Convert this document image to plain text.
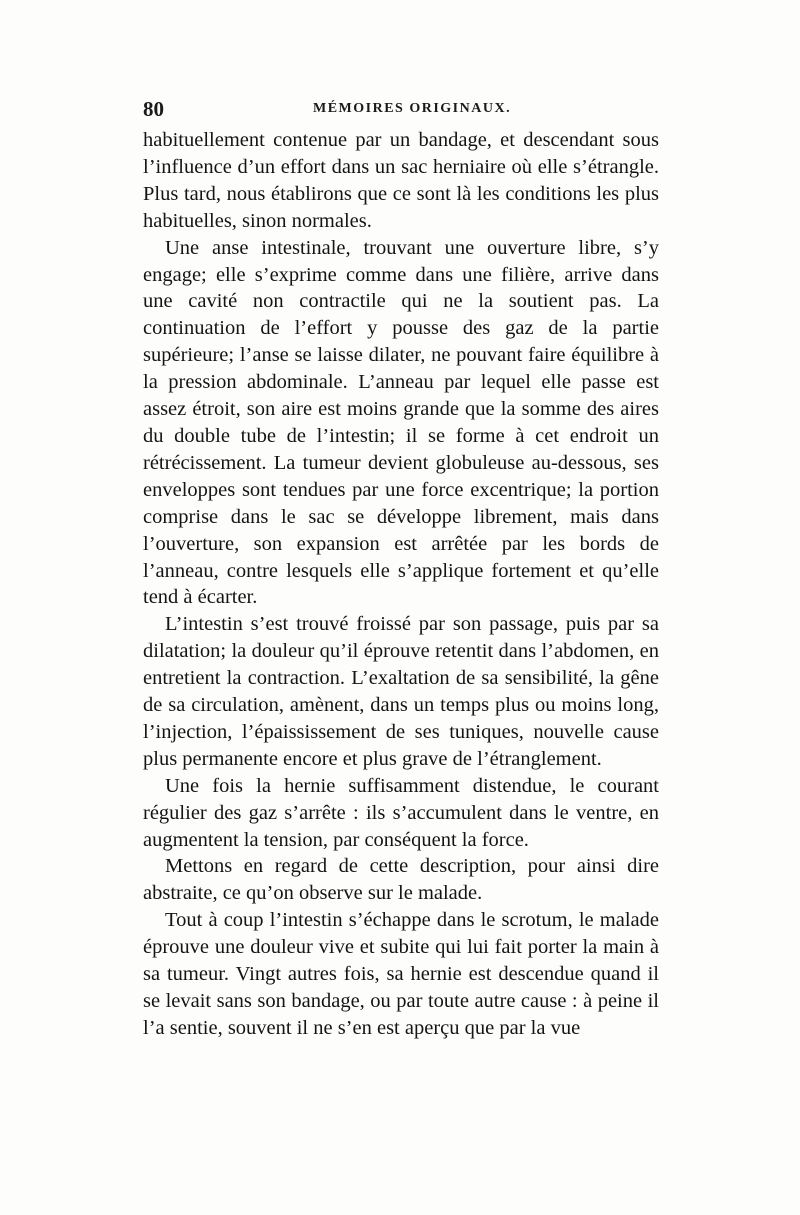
80	MÉMOIRES ORIGINAUX.

habituellement contenue par un bandage, et descendant sous l’influence d’un effort dans un sac herniaire où elle s’étrangle. Plus tard, nous établirons que ce sont là les conditions les plus habituelles, sinon normales.

Une anse intestinale, trouvant une ouverture libre, s’y engage; elle s’exprime comme dans une filière, arrive dans une cavité non contractile qui ne la soutient pas. La continuation de l’effort y pousse des gaz de la partie supérieure; l’anse se laisse dilater, ne pouvant faire équilibre à la pression abdominale. L’anneau par lequel elle passe est assez étroit, son aire est moins grande que la somme des aires du double tube de l’intestin; il se forme à cet endroit un rétrécissement. La tumeur devient globuleuse au-dessous, ses enveloppes sont tendues par une force excentrique; la portion comprise dans le sac se développe librement, mais dans l’ouverture, son expansion est arrêtée par les bords de l’anneau, contre lesquels elle s’applique fortement et qu’elle tend à écarter.

L’intestin s’est trouvé froissé par son passage, puis par sa dilatation; la douleur qu’il éprouve retentit dans l’abdomen, en entretient la contraction. L’exaltation de sa sensibilité, la gêne de sa circulation, amènent, dans un temps plus ou moins long, l’injection, l’épaississement de ses tuniques, nouvelle cause plus permanente encore et plus grave de l’étranglement.

Une fois la hernie suffisamment distendue, le courant régulier des gaz s’arrête : ils s’accumulent dans le ventre, en augmentent la tension, par conséquent la force.

Mettons en regard de cette description, pour ainsi dire abstraite, ce qu’on observe sur le malade.

Tout à coup l’intestin s’échappe dans le scrotum, le malade éprouve une douleur vive et subite qui lui fait porter la main à sa tumeur. Vingt autres fois, sa hernie est descendue quand il se levait sans son bandage, ou par toute autre cause : à peine il l’a sentie, souvent il ne s’en est aperçu que par la vue
